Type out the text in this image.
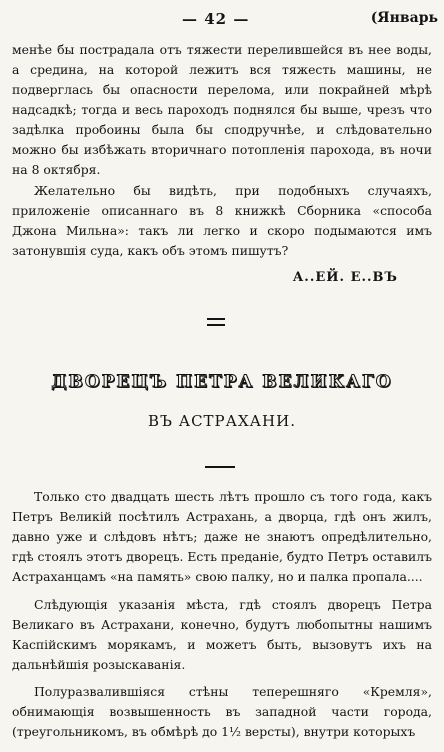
— 42 —	(Январь

менѣе бы пострадала отъ тяжести перелившейся въ нее воды, а средина, на которой лежитъ вся тяжесть машины, не подверглась бы опасности перелома, или покрайней мѣрѣ надсадкѣ; тогда и весь пароходъ поднялся бы выше, чрезъ что задѣлка пробоины была бы сподручнѣе, и слѣдовательно можно бы избѣжать вторичнаго потопленія парохода, въ ночи на 8 октября.

Желательно бы видѣть, при подобныхъ случаяхъ, приложеніе описаннаго въ 8 книжкѣ Сборника «способа Джона Мильна»: такъ ли легко и скоро подымаются имъ затонувшія суда, какъ объ этомъ пишутъ?

А..ЕЙ. Е..ВЪ
ДВОРЕЦЪ ПЕТРА ВЕЛИКАГО
ВЪ АСТРАХАНИ.

Только сто двадцать шесть лѣтъ прошло съ того года, какъ Петръ Великій посѣтилъ Астрахань, а дворца, гдѣ онъ жилъ, давно уже и слѣдовъ нѣтъ; даже не знаютъ опредѣлительно, гдѣ стоялъ этотъ дворецъ. Есть преданіе, будто Петръ оставилъ Астраханцамъ «на память» свою палку, но и палка пропала....

Слѣдующія указанія мѣста, гдѣ стоялъ дворецъ Петра Великаго въ Астрахани, конечно, будутъ любопытны нашимъ Каспійскимъ морякамъ, и можетъ быть, вызовутъ ихъ на дальнѣйшія розыскаванія.

Полуразвалившіяся стѣны теперешняго «Кремля», обнимающія возвышенность въ западной части города, (треугольникомъ, въ обмѣрѣ до 1½ версты), внутри которыхъ
